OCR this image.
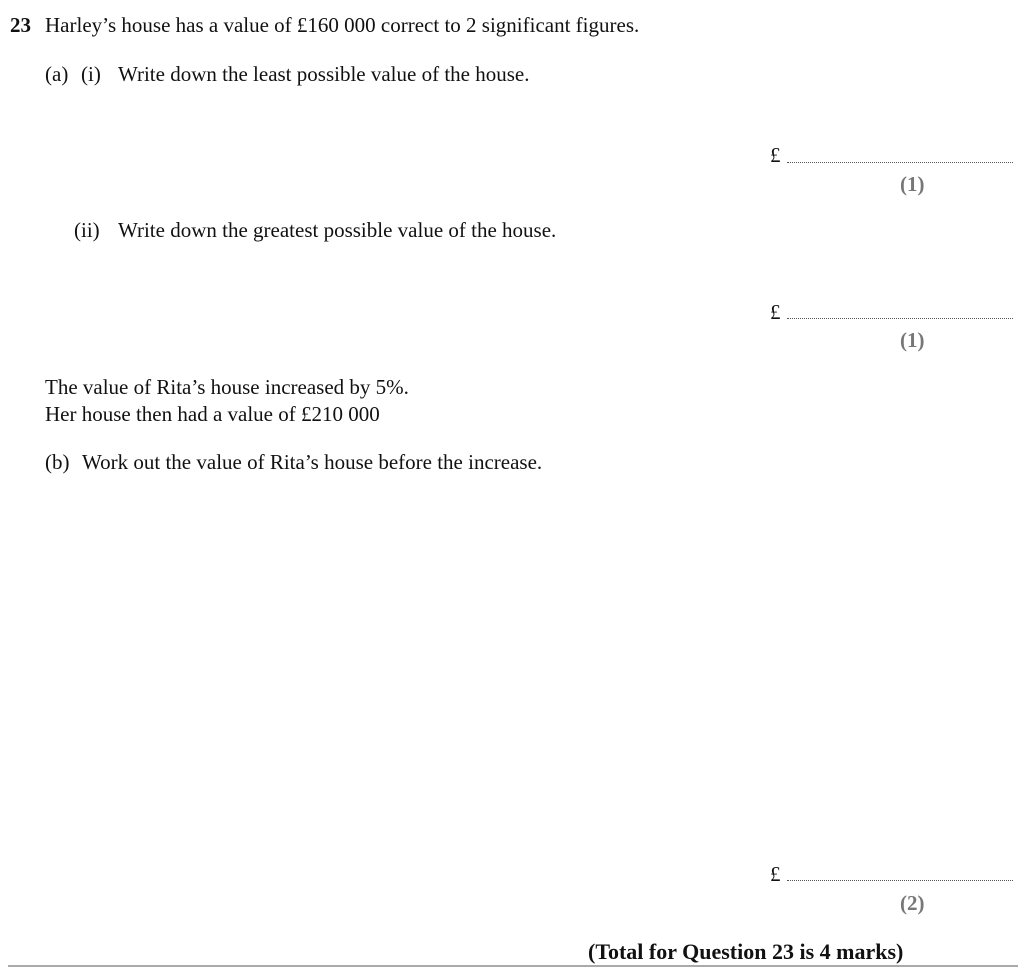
23 Harley’s house has a value of £160 000 correct to 2 significant figures.
(a) (i) Write down the least possible value of the house.
£
(1)
(ii) Write down the greatest possible value of the house.
£
(1)
The value of Rita’s house increased by 5%.
Her house then had a value of £210 000
(b) Work out the value of Rita’s house before the increase.
£
(2)
(Total for Question 23 is 4 marks)
